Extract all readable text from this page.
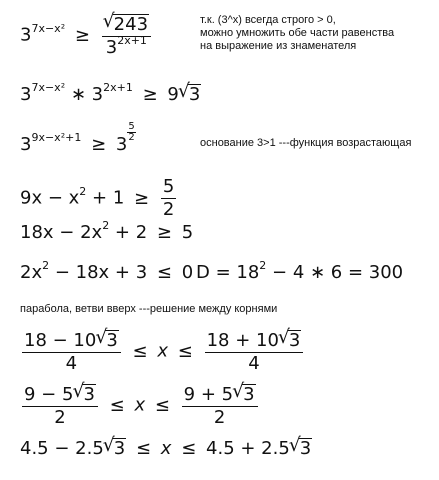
$3^{7x-x^2}$ ≥
√ $\frac{243}{3^{2x+1}}$	т.к. (3^x) всегда строго > 0,
можно умножить обе части равенства
на выражение из знаменателя
$3^{7x-x^2}$ ∗ $3^{2x+1} \ge 9√$ 3
$3^{9x-x^2+1} \ge 3$
$\frac{5}{2}$	основание 3>1 ---функция возрастающая
$9x - x^2 + 1 \ge \frac{5}{2}$
$18x - 2x^2 + 2 \ge 5$
$2x^2 - 18x + 3 \le 0$ $D = 18^2 - 4$ ∗ 6 = 300
парабола, ветви вверх ---решение между корнями
$\frac{18 - 10√ 3}{4} \le x \le \frac{18 + 10√ 3}{4}$
$\frac{9 - 5√ 3}{2} \le x \le \frac{9 + 5√ 3}{2}$
4.5 − 2.5√ 3 ≤ x ≤ 4.5 + 2.5√ 3
